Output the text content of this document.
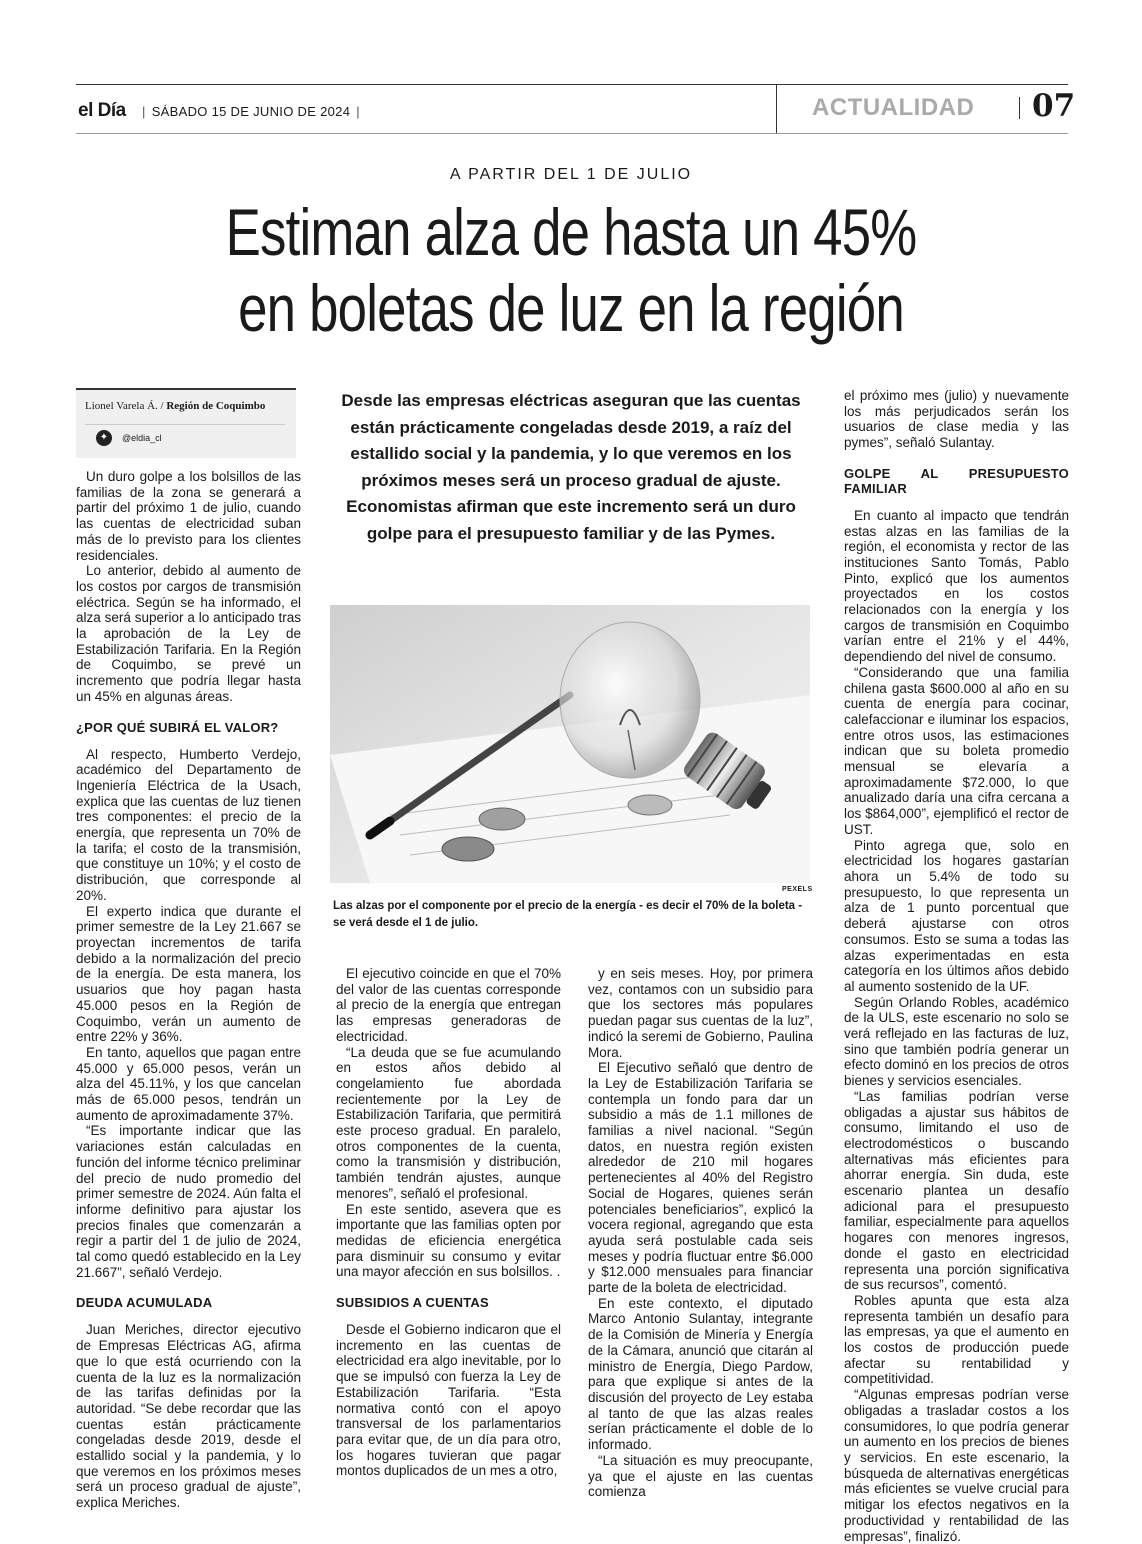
el Día	| SÁBADO 15 DE JUNIO DE 2024 |	ACTUALIDAD 07
A PARTIR DEL 1 DE JULIO
Estiman alza de hasta un 45%
en boletas de luz en la región
Lionel Varela Á. / Región de Coquimbo
✦	@eldia_cl
Desde las empresas eléctricas aseguran que las cuentas están prácticamente congeladas desde 2019, a raíz del estallido social y la pandemia, y lo que veremos en los próximos meses será un proceso gradual de ajuste. Economistas afirman que este incremento será un duro golpe para el presupuesto familiar y de las Pymes.
PEXELS
Las alzas por el componente por el precio de la energía - es decir el 70% de la boleta - se verá desde el 1 de julio.

Un duro golpe a los bolsillos de las familias de la zona se generará a partir del próximo 1 de julio, cuando las cuentas de electricidad suban más de lo previsto para los clientes residenciales.

Lo anterior, debido al aumento de los costos por cargos de transmisión eléctrica. Según se ha informado, el alza será superior a lo anticipado tras la aprobación de la Ley de Estabilización Tarifaria. En la Región de Coquimbo, se prevé un incremento que podría llegar hasta un 45% en algunas áreas.

¿POR QUÉ SUBIRÁ EL VALOR?

Al respecto, Humberto Verdejo, académico del Departamento de Ingeniería Eléctrica de la Usach, explica que las cuentas de luz tienen tres componentes: el precio de la energía, que representa un 70% de la tarifa; el costo de la transmisión, que constituye un 10%; y el costo de distribución, que corresponde al 20%.

El experto indica que durante el primer semestre de la Ley 21.667 se proyectan incrementos de tarifa debido a la normalización del precio de la energía. De esta manera, los usuarios que hoy pagan hasta 45.000 pesos en la Región de Coquimbo, verán un aumento de entre 22% y 36%.

En tanto, aquellos que pagan entre 45.000 y 65.000 pesos, verán un alza del 45.11%, y los que cancelan más de 65.000 pesos, tendrán un aumento de aproximadamente 37%.

“Es importante indicar que las variaciones están calculadas en función del informe técnico preliminar del precio de nudo promedio del primer semestre de 2024. Aún falta el informe definitivo para ajustar los precios finales que comenzarán a regir a partir del 1 de julio de 2024, tal como quedó establecido en la Ley 21.667”, señaló Verdejo.

DEUDA ACUMULADA

Juan Meriches, director ejecutivo de Empresas Eléctricas AG, afirma que lo que está ocurriendo con la cuenta de la luz es la normalización de las tarifas definidas por la autoridad. “Se debe recordar que las cuentas están prácticamente congeladas desde 2019, desde el estallido social y la pandemia, y lo que veremos en los próximos meses será un proceso gradual de ajuste”, explica Meriches.

El ejecutivo coincide en que el 70% del valor de las cuentas corresponde al precio de la energía que entregan las empresas generadoras de electricidad.

“La deuda que se fue acumulando en estos años debido al congelamiento fue abordada recientemente por la Ley de Estabilización Tarifaria, que permitirá este proceso gradual. En paralelo, otros componentes de la cuenta, como la transmisión y distribución, también tendrán ajustes, aunque menores”, señaló el profesional.

En este sentido, asevera que es importante que las familias opten por medidas de eficiencia energética para disminuir su consumo y evitar una mayor afección en sus bolsillos. .

SUBSIDIOS A CUENTAS

Desde el Gobierno indicaron que el incremento en las cuentas de electricidad era algo inevitable, por lo que se impulsó con fuerza la Ley de Estabilización Tarifaria. “Esta normativa contó con el apoyo transversal de los parlamentarios para evitar que, de un día para otro, los hogares tuvieran que pagar montos duplicados de un mes a otro,

y en seis meses. Hoy, por primera vez, contamos con un subsidio para que los sectores más populares puedan pagar sus cuentas de la luz”, indicó la seremi de Gobierno, Paulina Mora.

El Ejecutivo señaló que dentro de la Ley de Estabilización Tarifaria se contempla un fondo para dar un subsidio a más de 1.1 millones de familias a nivel nacional. “Según datos, en nuestra región existen alrededor de 210 mil hogares pertenecientes al 40% del Registro Social de Hogares, quienes serán potenciales beneficiarios”, explicó la vocera regional, agregando que esta ayuda será postulable cada seis meses y podría fluctuar entre $6.000 y $12.000 mensuales para financiar parte de la boleta de electricidad.

En este contexto, el diputado Marco Antonio Sulantay, integrante de la Comisión de Minería y Energía de la Cámara, anunció que citarán al ministro de Energía, Diego Pardow, para que explique si antes de la discusión del proyecto de Ley estaba al tanto de que las alzas reales serían prácticamente el doble de lo informado.

“La situación es muy preocupante, ya que el ajuste en las cuentas comienza

el próximo mes (julio) y nuevamente los más perjudicados serán los usuarios de clase media y las pymes”, señaló Sulantay.

GOLPE AL PRESUPUESTO FAMILIAR

En cuanto al impacto que tendrán estas alzas en las familias de la región, el economista y rector de las instituciones Santo Tomás, Pablo Pinto, explicó que los aumentos proyectados en los costos relacionados con la energía y los cargos de transmisión en Coquimbo varían entre el 21% y el 44%, dependiendo del nivel de consumo.

“Considerando que una familia chilena gasta $600.000 al año en su cuenta de energía para cocinar, calefaccionar e iluminar los espacios, entre otros usos, las estimaciones indican que su boleta promedio mensual se elevaría a aproximadamente $72.000, lo que anualizado daría una cifra cercana a los $864,000”, ejemplificó el rector de UST.

Pinto agrega que, solo en electricidad los hogares gastarían ahora un 5.4% de todo su presupuesto, lo que representa un alza de 1 punto porcentual que deberá ajustarse con otros consumos. Esto se suma a todas las alzas experimentadas en esta categoría en los últimos años debido al aumento sostenido de la UF.

Según Orlando Robles, académico de la ULS, este escenario no solo se verá reflejado en las facturas de luz, sino que también podría generar un efecto dominó en los precios de otros bienes y servicios esenciales.

“Las familias podrían verse obligadas a ajustar sus hábitos de consumo, limitando el uso de electrodomésticos o buscando alternativas más eficientes para ahorrar energía. Sin duda, este escenario plantea un desafío adicional para el presupuesto familiar, especialmente para aquellos hogares con menores ingresos, donde el gasto en electricidad representa una porción significativa de sus recursos”, comentó.

Robles apunta que esta alza representa también un desafío para las empresas, ya que el aumento en los costos de producción puede afectar su rentabilidad y competitividad.

“Algunas empresas podrían verse obligadas a trasladar costos a los consumidores, lo que podría generar un aumento en los precios de bienes y servicios. En este escenario, la búsqueda de alternativas energéticas más eficientes se vuelve crucial para mitigar los efectos negativos en la productividad y rentabilidad de las empresas”, finalizó.
